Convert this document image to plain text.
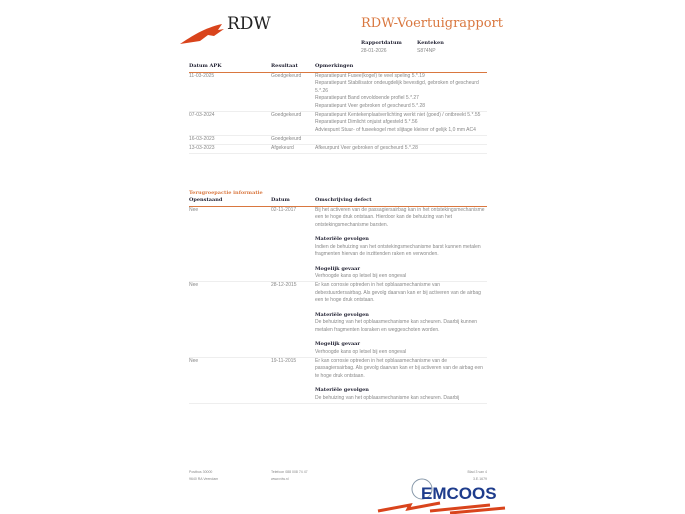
RDW	RDW-Voertuigrapport
Rapportdatum
28-01-2026
Kenteken
S874NP
Datum APK	Resultaat	Opmerkingen
11-03-2025	Goedgekeurd	Reparatiepunt Fusee(kogel) te veel speling 5.*.19
Reparatiepunt Stabilisator ondeugdelijk bevestigd, gebroken of gescheurd 5.*.26
Reparatiepunt Band onvoldoende profiel 5.*.27
Reparatiepunt Veer gebroken of gescheurd 5.*.28

07-03-2024	Goedgekeurd	Reparatiepunt Kentekenplaatverlichting werkt niet (goed) / ontbreekt 5.*.55
Reparatiepunt Dimlicht onjuist afgesteld 5.*.56
Adviespunt Stuur- of fuseekogel met slijtage kleiner of gelijk 1,0 mm AC4

16-03-2023	Goedgekeurd	

13-03-2023	Afgekeurd	Afkeurpunt Veer gebroken of gescheurd 5.*.28
Terugroepactie informatie
Openstaand	Datum	Omschrijving defect
Nee	02-11-2017	Bij het activeren van de passagiersairbag kan in het ontstekingsmechanisme een te hoge druk ontstaan. Hierdoor kan de behuizing van het ontstekingsmechanisme barsten.
Materiële gevolgen
Indien de behuizing van het ontstekingsmechanisme barst kunnen metalen fragmenten hiervan de inzittenden raken en verwonden.
Mogelijk gevaar
Verhoogde kans op letsel bij een ongeval

Nee	28-12-2015	Er kan corrosie optreden in het opblaasmechanisme van debestuurdersairbag. Als gevolg daarvan kan er bij activeren van de airbag een te hoge druk ontstaan.
Materiële gevolgen
De behuizing van het opblaasmechanisme kan scheuren. Daarbij kunnen metalen fragmenten losraken en weggeschoten worden.
Mogelijk gevaar
Verhoogde kans op letsel bij een ongeval

Nee	19-11-2015	Er kan corrosie optreden in het opblaasmechanisme van de passagiersairbag. Als gevolg daarvan kan er bij activeren van de airbag een te hoge druk ontstaan.
Materiële gevolgen
De behuizing van het opblaasmechanisme kan scheuren. Daarbij
Postbus 30000
9640 RA Veendam
Telefoon 088 008 74 47
www.rdw.nl
Blad 3 van 4
3.E.1679
EMCOOS
